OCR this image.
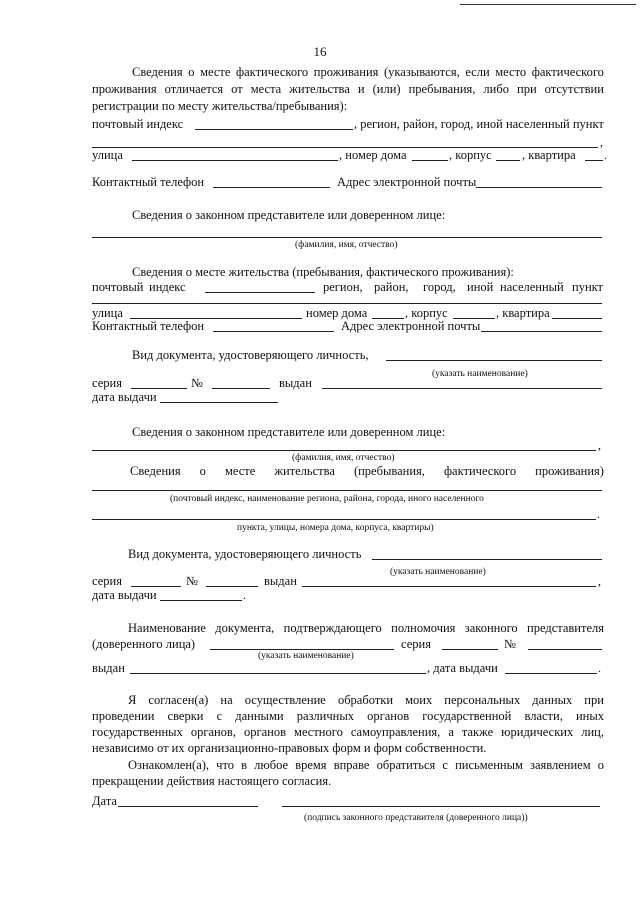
16
Сведения о месте фактического проживания (указываются, если место фактического
проживания отличается от места жительства и (или) пребывания, либо при отсутствии
регистрации по месту жительства/пребывания):
почтовый индекс	, регион, район, город, иной населенный пункт
,
улица	, номер дома	, корпус , квартира
.
Контактный телефон	Адрес электронной почты
Сведения о законном представителе или доверенном лице:
(фамилия, имя, отчество)
Сведения о месте жительства (пребывания, фактического проживания):
почтовый индекс	регион, район, город, иной населенный пункт
улица	номер дома	, корпус	, квартира
Контактный телефон	Адрес электронной почты
Вид документа, удостоверяющего личность,
(указать наименование)
серия	№	выдан
дата выдачи
Сведения о законном представителе или доверенном лице:
,
(фамилия, имя, отчество)
Сведения о месте жительства (пребывания, фактического проживания)
(почтовый индекс, наименование региона, района, города, иного населенного
.
пункта, улицы, номера дома, корпуса, квартиры)
Вид документа, удостоверяющего личность
(указать наименование)
серия	№	выдан
,
дата выдачи
.
Наименование документа, подтверждающего полномочия законного представителя
(доверенного лица)	серия	№
(указать наименование)
выдан	, дата выдачи
.
Я согласен(а) на осуществление обработки моих персональных данных при
проведении сверки с данными различных органов государственной власти, иных
государственных органов, органов местного самоуправления, а также юридических лиц,
независимо от их организационно-правовых форм и форм собственности.
Ознакомлен(а), что в любое время вправе обратиться с письменным заявлением о
прекращении действия настоящего согласия.
Дата
(подпись законного представителя (доверенного лица))
